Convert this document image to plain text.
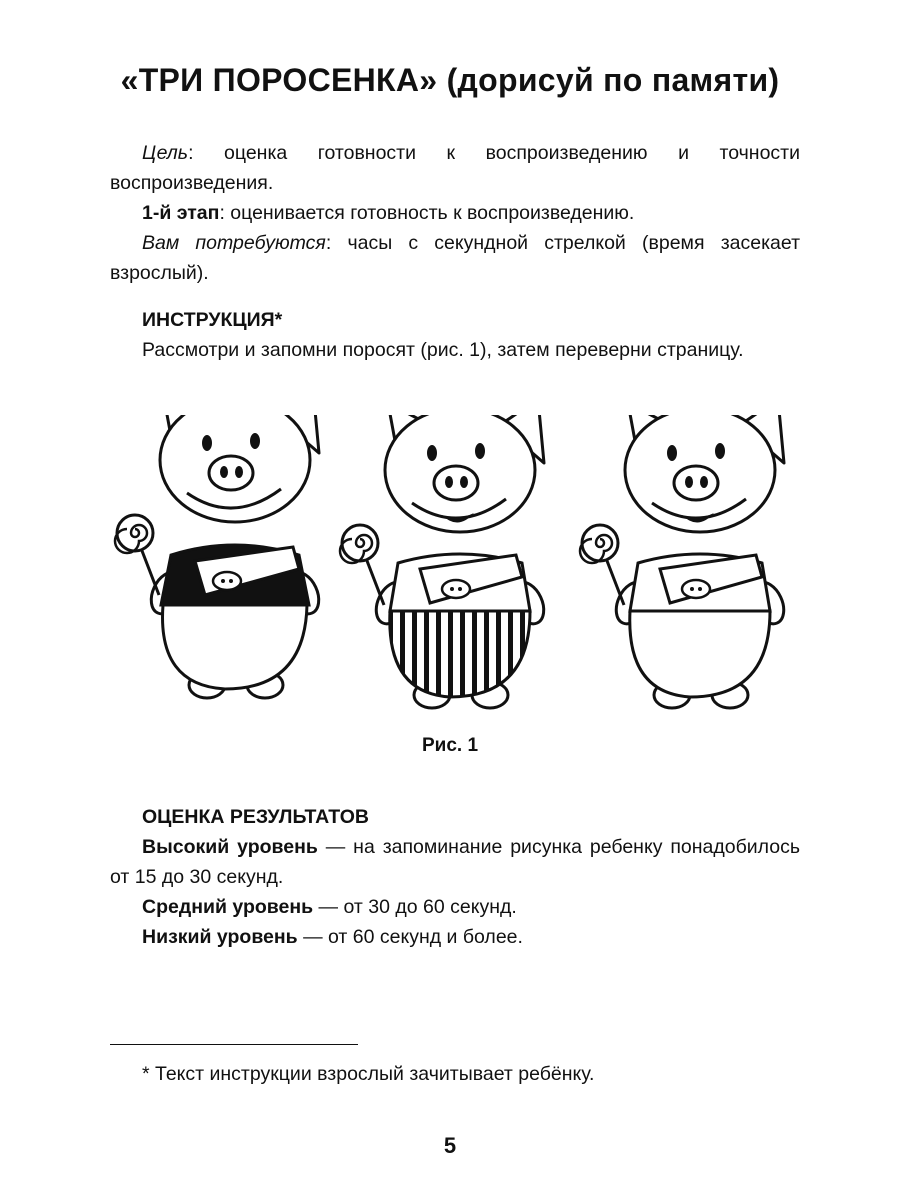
«ТРИ ПОРОСЕНКА» (дорисуй по памяти)

Цель: оценка готовности к воспроизведению и точности воспроизведения.

1-й этап: оценивается готовность к воспроизведению.

Вам потребуются: часы с секундной стрелкой (время засекает взрослый).

ИНСТРУКЦИЯ*

Рассмотри и запомни поросят (рис. 1), затем переверни страницу.

Рис. 1

ОЦЕНКА РЕЗУЛЬТАТОВ

Высокий уровень — на запоминание рисунка ребенку понадобилось от 15 до 30 секунд.

Средний уровень — от 30 до 60 секунд.

Низкий уровень — от 60 секунд и более.

* Текст инструкции взрослый зачитывает ребёнку.
5
